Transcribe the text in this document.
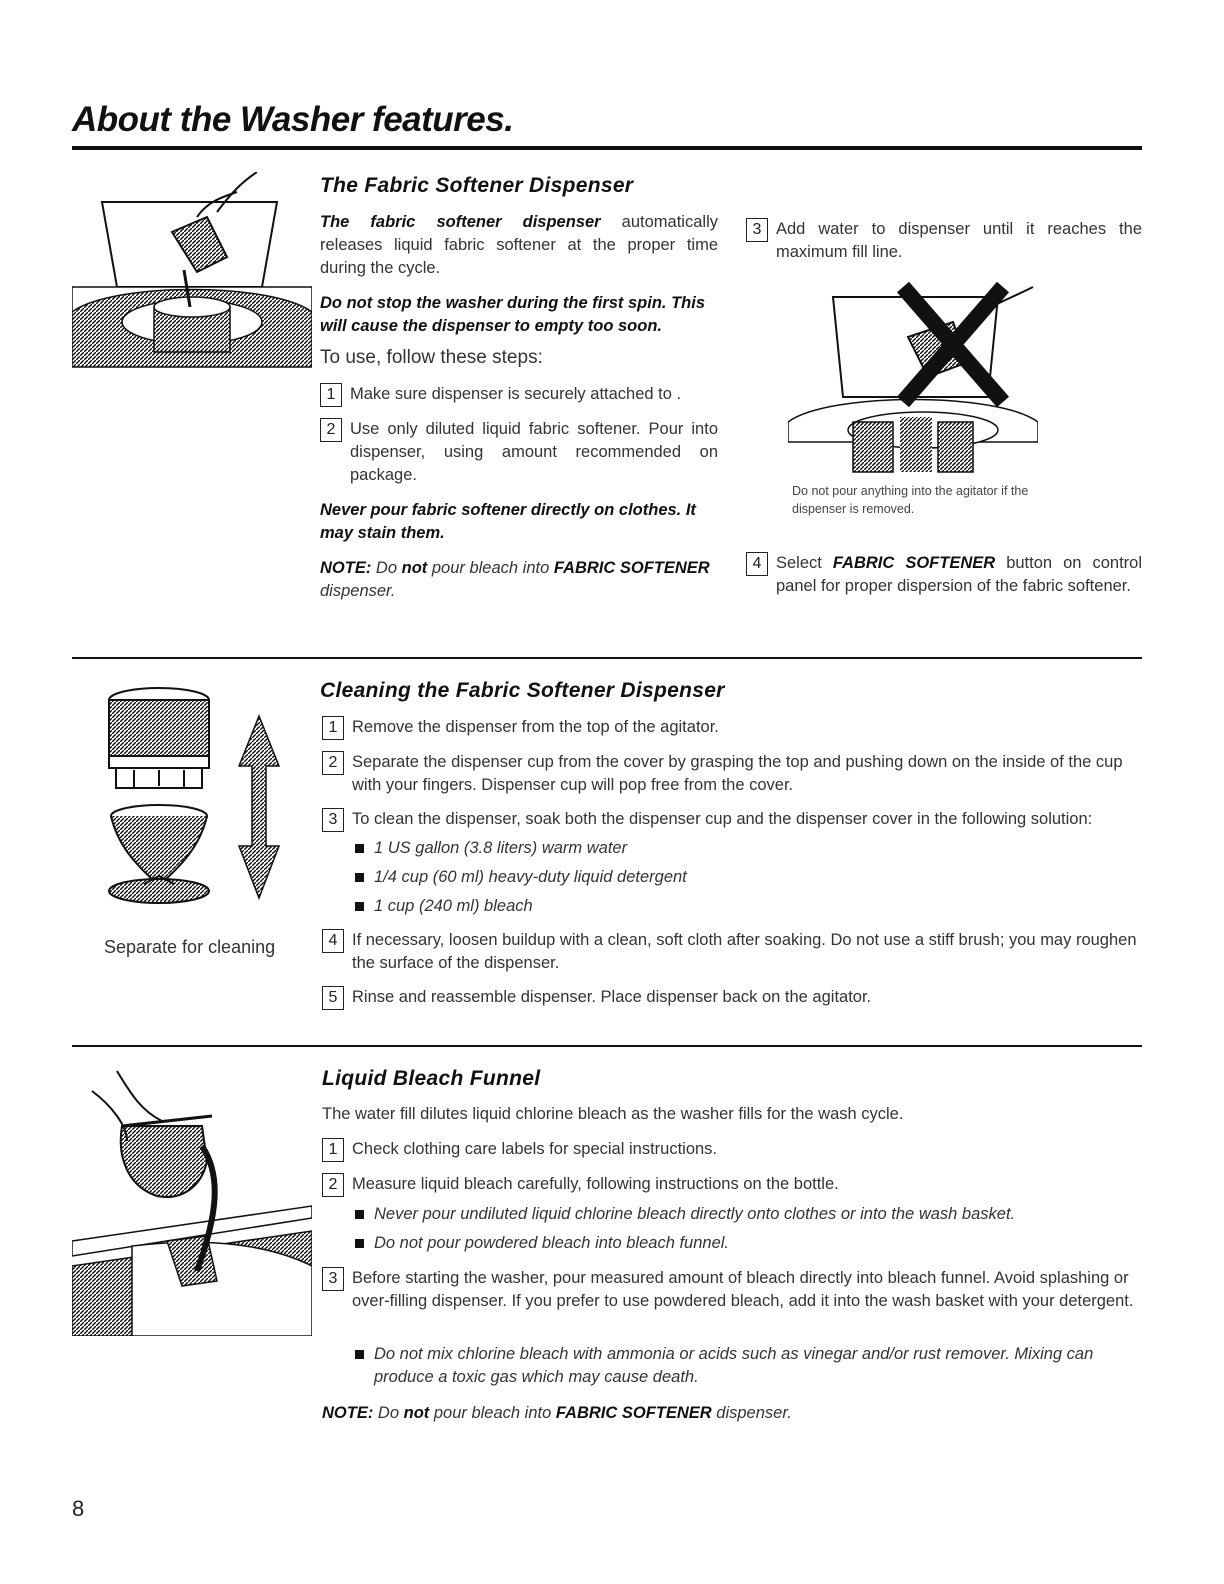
About the Washer features.
The Fabric Softener Dispenser
The fabric softener dispenser automatically releases liquid fabric softener at the proper time during the cycle.
Do not stop the washer during the first spin. This will cause the dispenser to empty too soon.
To use, follow these steps:
1 Make sure dispenser is securely attached to .
2 Use only diluted liquid fabric softener. Pour into dispenser, using amount recommended on package.
Never pour fabric softener directly on clothes. It may stain them.
NOTE: Do not pour bleach into FABRIC SOFTENER dispenser.
3 Add water to dispenser until it reaches the maximum fill line.
Do not pour anything into the agitator if the dispenser is removed.
4 Select FABRIC SOFTENER button on control panel for proper dispersion of the fabric softener.
Separate for cleaning
Cleaning the Fabric Softener Dispenser
1 Remove the dispenser from the top of the agitator.
2 Separate the dispenser cup from the cover by grasping the top and pushing down on the inside of the cup with your fingers. Dispenser cup will pop free from the cover.
3 To clean the dispenser, soak both the dispenser cup and the dispenser cover in the following solution:
1 US gallon (3.8 liters) warm water
1/4 cup (60 ml) heavy-duty liquid detergent
1 cup (240 ml) bleach
4 If necessary, loosen buildup with a clean, soft cloth after soaking. Do not use a stiff brush; you may roughen the surface of the dispenser.
5 Rinse and reassemble dispenser. Place dispenser back on the agitator.
Liquid Bleach Funnel
The water fill dilutes liquid chlorine bleach as the washer fills for the wash cycle.
1 Check clothing care labels for special instructions.
2 Measure liquid bleach carefully, following instructions on the bottle.
Never pour undiluted liquid chlorine bleach directly onto clothes or into the wash basket.
Do not pour powdered bleach into bleach funnel.
3 Before starting the washer, pour measured amount of bleach directly into bleach funnel. Avoid splashing or over-filling dispenser. If you prefer to use powdered bleach, add it into the wash basket with your detergent.
Do not mix chlorine bleach with ammonia or acids such as vinegar and/or rust remover. Mixing can produce a toxic gas which may cause death.
NOTE: Do not pour bleach into FABRIC SOFTENER dispenser.
8
